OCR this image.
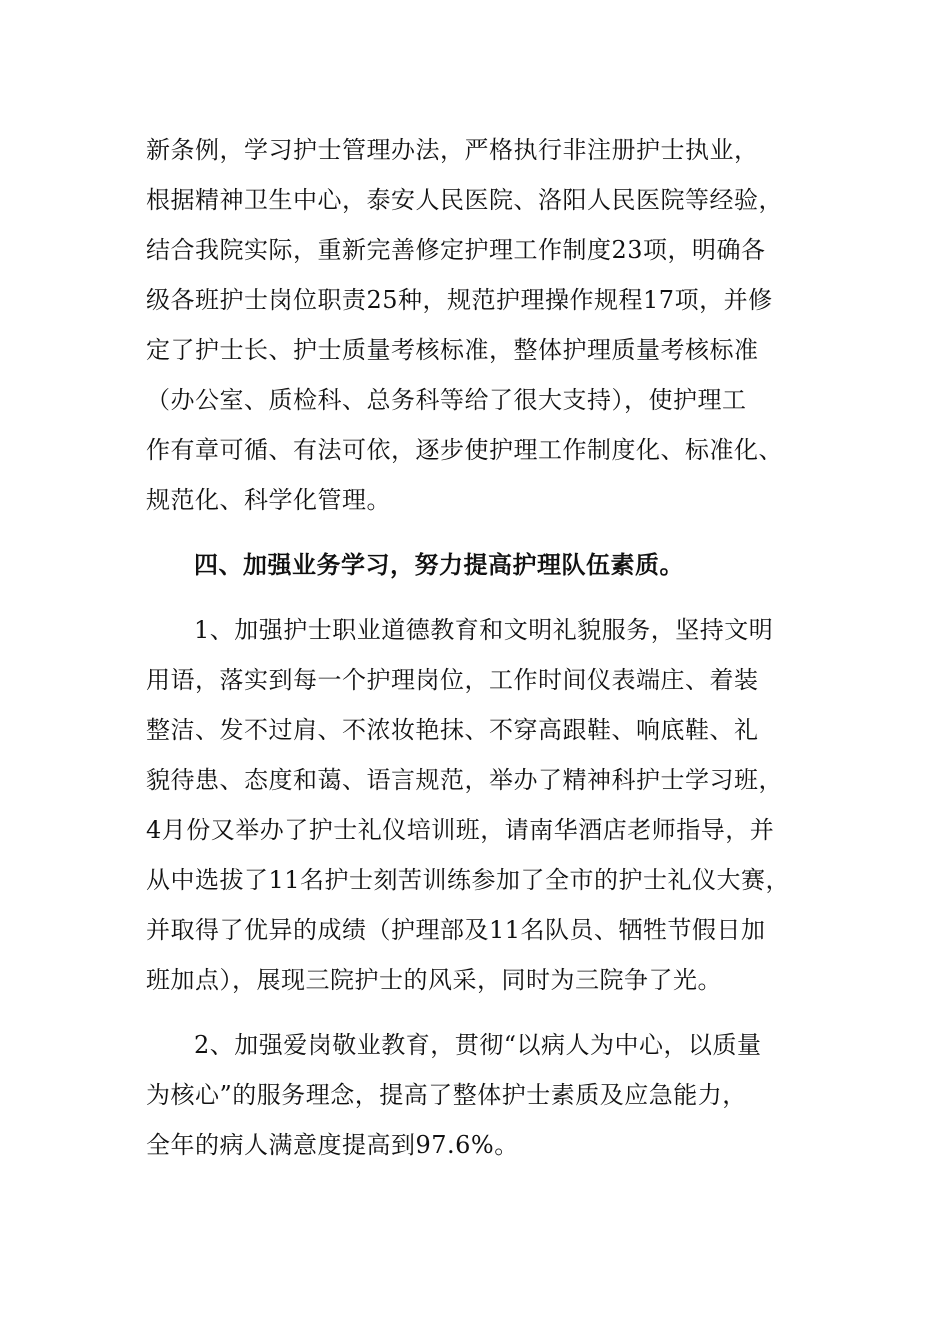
新条例，学习护士管理办法，严格执行非注册护士执业，
根据精神卫生中心，泰安人民医院、洛阳人民医院等经验，
结合我院实际，重新完善修定护理工作制度23项，明确各
级各班护士岗位职责25种，规范护理操作规程17项，并修
定了护士长、护士质量考核标准，整体护理质量考核标准
（办公室、质检科、总务科等给了很大支持），使护理工
作有章可循、有法可依，逐步使护理工作制度化、标准化、
规范化、科学化管理。
四、加强业务学习，努力提高护理队伍素质。
1、加强护士职业道德教育和文明礼貌服务，坚持文明
用语，落实到每一个护理岗位，工作时间仪表端庄、着装
整洁、发不过肩、不浓妆艳抹、不穿高跟鞋、响底鞋、礼
貌待患、态度和蔼、语言规范，举办了精神科护士学习班，
4月份又举办了护士礼仪培训班，请南华酒店老师指导，并
从中选拔了11名护士刻苦训练参加了全市的护士礼仪大赛，
并取得了优异的成绩（护理部及11名队员、牺牲节假日加
班加点），展现三院护士的风采，同时为三院争了光。
2、加强爱岗敬业教育，贯彻“以病人为中心，以质量
为核心”的服务理念，提高了整体护士素质及应急能力，
全年的病人满意度提高到97.6%。
